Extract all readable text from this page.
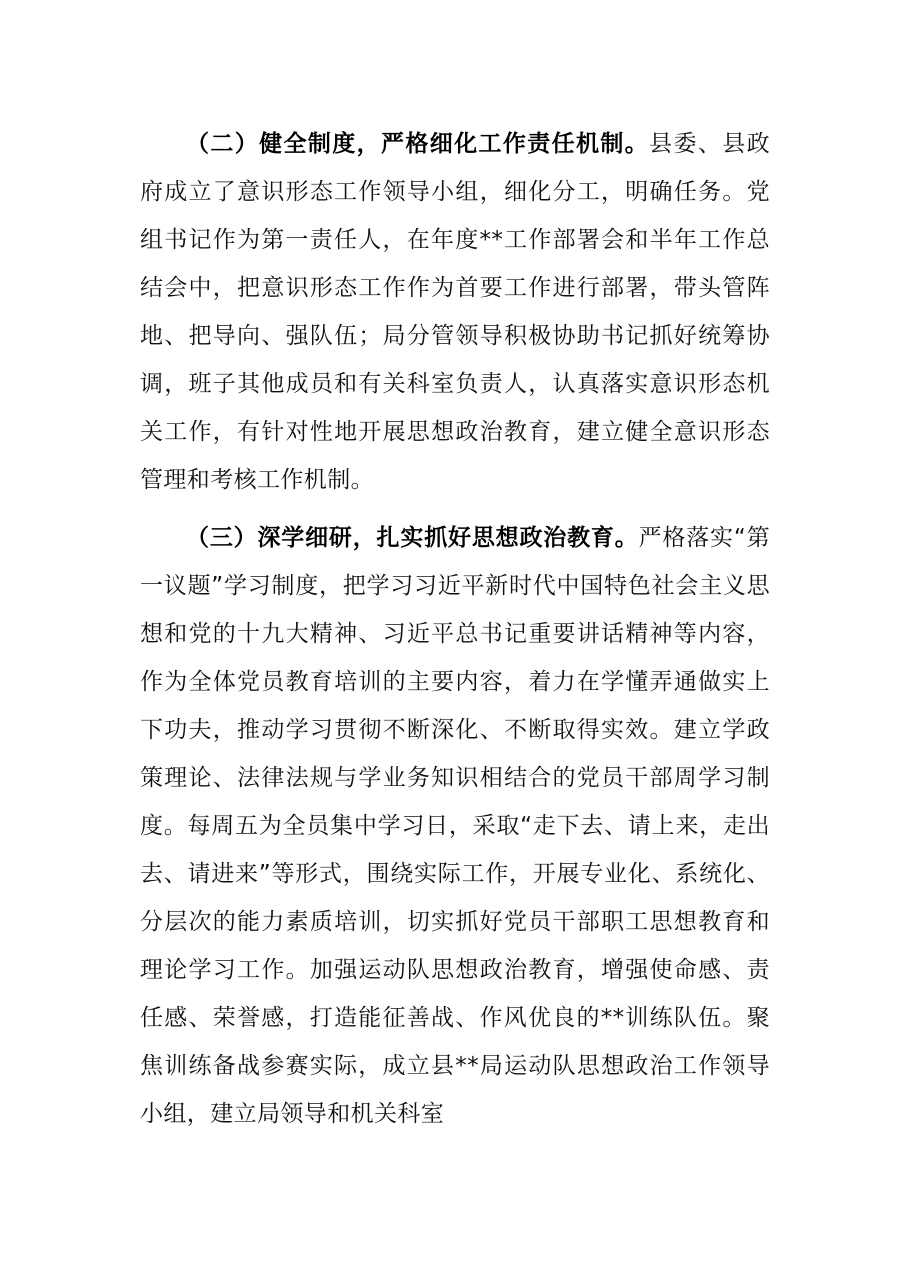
（二）健全制度，严格细化工作责任机制。县委、县政府成立了意识形态工作领导小组，细化分工，明确任务。党组书记作为第一责任人，在年度**工作部署会和半年工作总结会中，把意识形态工作作为首要工作进行部署，带头管阵地、把导向、强队伍；局分管领导积极协助书记抓好统筹协调，班子其他成员和有关科室负责人，认真落实意识形态机关工作，有针对性地开展思想政治教育，建立健全意识形态管理和考核工作机制。

（三）深学细研，扎实抓好思想政治教育。严格落实“第一议题”学习制度，把学习习近平新时代中国特色社会主义思想和党的十九大精神、习近平总书记重要讲话精神等内容，作为全体党员教育培训的主要内容，着力在学懂弄通做实上下功夫，推动学习贯彻不断深化、不断取得实效。建立学政策理论、法律法规与学业务知识相结合的党员干部周学习制度。每周五为全员集中学习日，采取“走下去、请上来，走出去、请进来”等形式，围绕实际工作，开展专业化、系统化、分层次的能力素质培训，切实抓好党员干部职工思想教育和理论学习工作。加强运动队思想政治教育，增强使命感、责任感、荣誉感，打造能征善战、作风优良的**训练队伍。聚焦训练备战参赛实际，成立县**局运动队思想政治工作领导小组，建立局领导和机关科室
